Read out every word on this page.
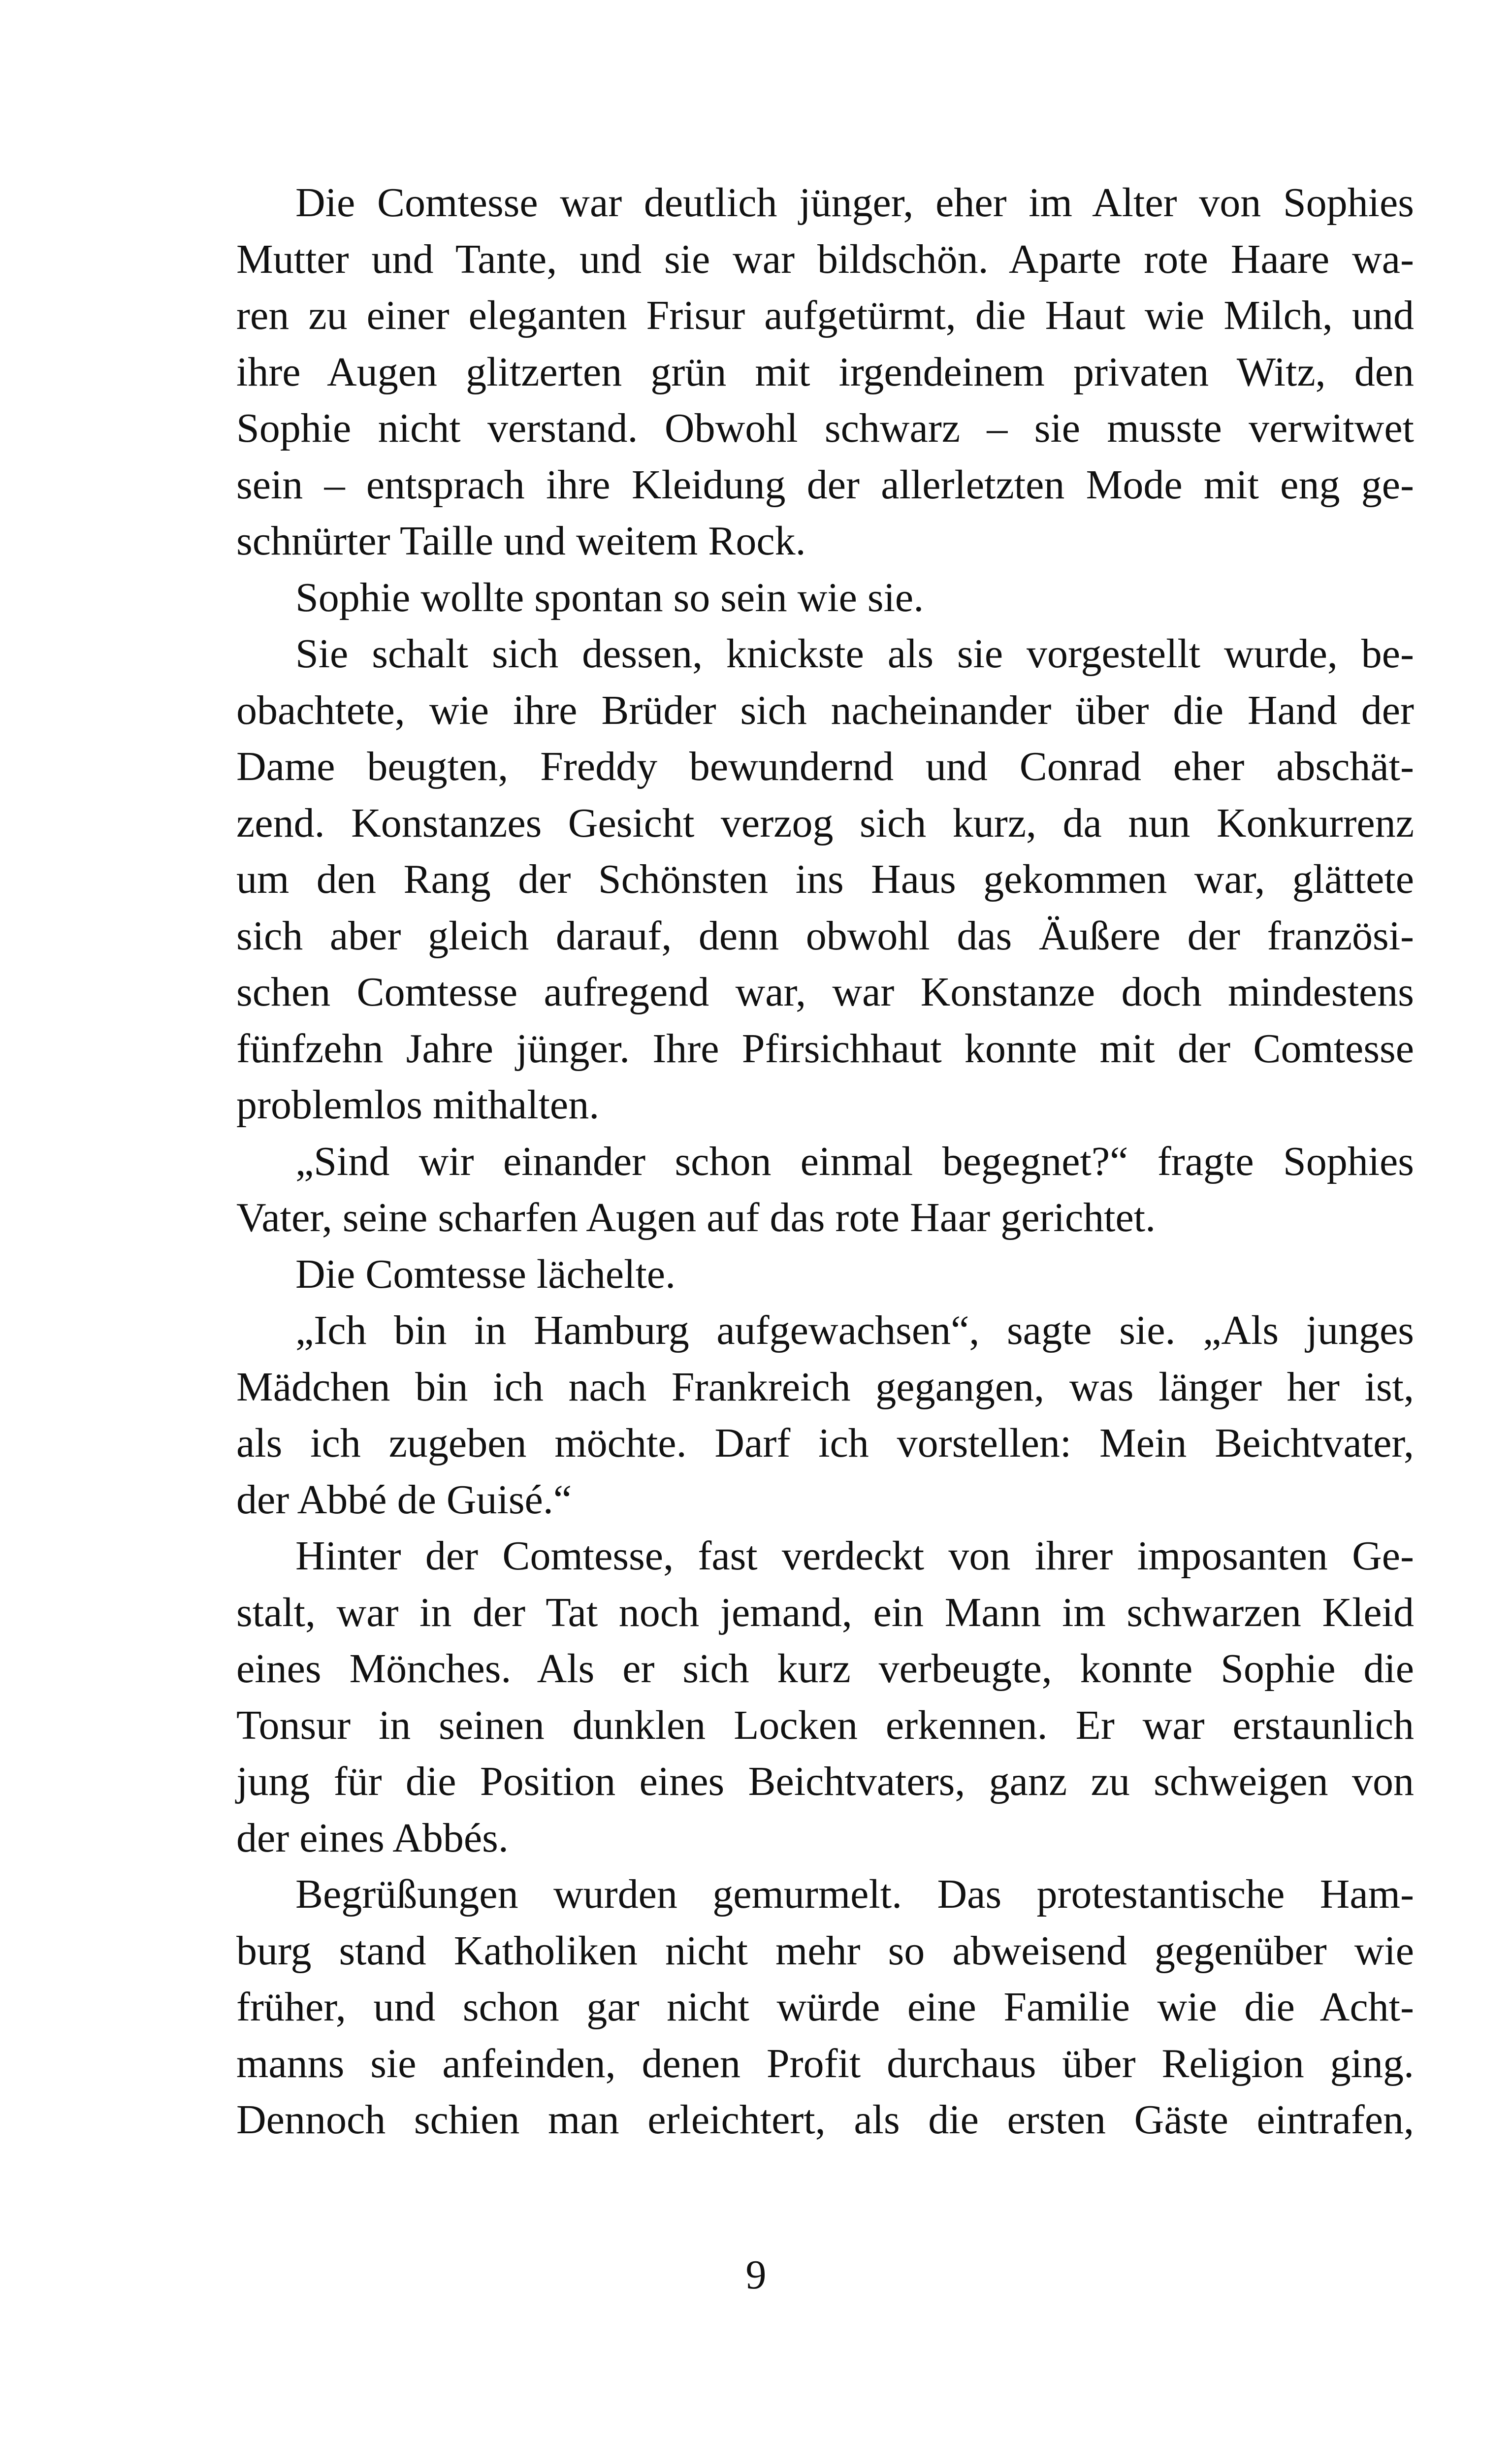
Die Comtesse war deutlich jünger, eher im Alter von Sophies
Mutter und Tante, und sie war bildschön. Aparte rote Haare wa-
ren zu einer eleganten Frisur aufgetürmt, die Haut wie Milch, und
ihre Augen glitzerten grün mit irgendeinem privaten Witz, den
Sophie nicht verstand. Obwohl schwarz – sie musste verwitwet
sein – entsprach ihre Kleidung der allerletzten Mode mit eng ge-
schnürter Taille und weitem Rock.
Sophie wollte spontan so sein wie sie.
Sie schalt sich dessen, knickste als sie vorgestellt wurde, be-
obachtete, wie ihre Brüder sich nacheinander über die Hand der
Dame beugten, Freddy bewundernd und Conrad eher abschät-
zend. Konstanzes Gesicht verzog sich kurz, da nun Konkurrenz
um den Rang der Schönsten ins Haus gekommen war, glättete
sich aber gleich darauf, denn obwohl das Äußere der französi-
schen Comtesse aufregend war, war Konstanze doch mindestens
fünfzehn Jahre jünger. Ihre Pfirsichhaut konnte mit der Comtesse
problemlos mithalten.
„Sind wir einander schon einmal begegnet?“ fragte Sophies
Vater, seine scharfen Augen auf das rote Haar gerichtet.
Die Comtesse lächelte.
„Ich bin in Hamburg aufgewachsen“, sagte sie. „Als junges
Mädchen bin ich nach Frankreich gegangen, was länger her ist,
als ich zugeben möchte. Darf ich vorstellen: Mein Beichtvater,
der Abbé de Guisé.“
Hinter der Comtesse, fast verdeckt von ihrer imposanten Ge-
stalt, war in der Tat noch jemand, ein Mann im schwarzen Kleid
eines Mönches. Als er sich kurz verbeugte, konnte Sophie die
Tonsur in seinen dunklen Locken erkennen. Er war erstaunlich
jung für die Position eines Beichtvaters, ganz zu schweigen von
der eines Abbés.
Begrüßungen wurden gemurmelt. Das protestantische Ham-
burg stand Katholiken nicht mehr so abweisend gegenüber wie
früher, und schon gar nicht würde eine Familie wie die Acht-
manns sie anfeinden, denen Profit durchaus über Religion ging.
Dennoch schien man erleichtert, als die ersten Gäste eintrafen,
9
